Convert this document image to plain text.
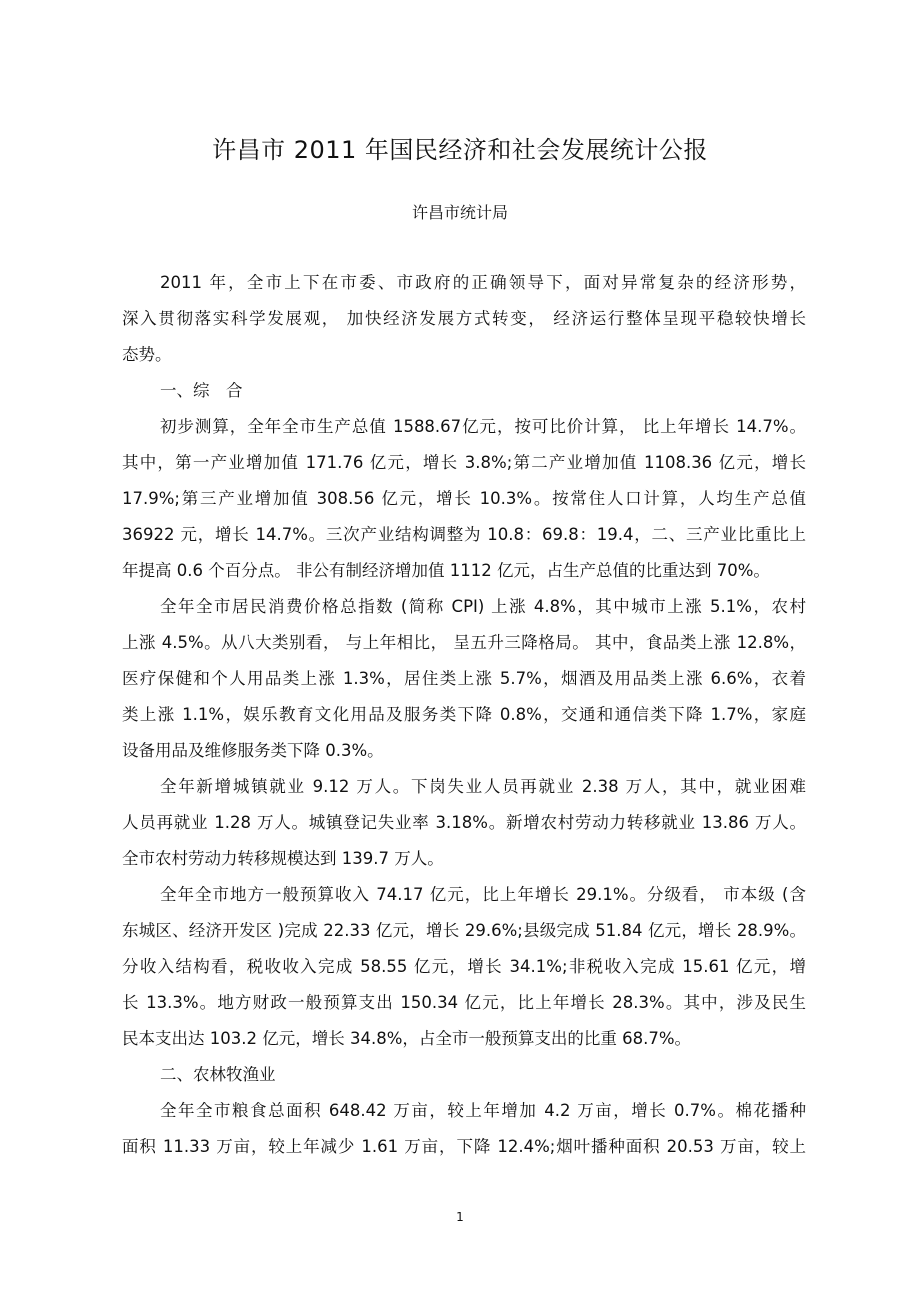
许昌市 2011 年国民经济和社会发展统计公报
许昌市统计局
2011 年，全市上下在市委、市政府的正确领导下，面对异常复杂的经济形势，
深入贯彻落实科学发展观， 加快经济发展方式转变， 经济运行整体呈现平稳较快增长
态势。
一、综　合
初步测算，全年全市生产总值 1588.67亿元，按可比价计算， 比上年增长 14.7%。
其中，第一产业增加值 171.76 亿元，增长 3.8%;第二产业增加值 1108.36 亿元，增长
17.9%;第三产业增加值 308.56 亿元，增长 10.3%。按常住人口计算，人均生产总值
36922 元，增长 14.7%。三次产业结构调整为 10.8：69.8：19.4，二、三产业比重比上
年提高 0.6 个百分点。 非公有制经济增加值 1112 亿元，占生产总值的比重达到 70%。
全年全市居民消费价格总指数 (简称 CPI) 上涨 4.8%，其中城市上涨 5.1%，农村
上涨 4.5%。从八大类别看， 与上年相比， 呈五升三降格局。 其中，食品类上涨 12.8%，
医疗保健和个人用品类上涨 1.3%，居住类上涨 5.7%，烟酒及用品类上涨 6.6%，衣着
类上涨 1.1%，娱乐教育文化用品及服务类下降 0.8%，交通和通信类下降 1.7%，家庭
设备用品及维修服务类下降 0.3%。
全年新增城镇就业 9.12 万人。下岗失业人员再就业 2.38 万人，其中，就业困难
人员再就业 1.28 万人。城镇登记失业率 3.18%。新增农村劳动力转移就业 13.86 万人。
全市农村劳动力转移规模达到 139.7 万人。
全年全市地方一般预算收入 74.17 亿元，比上年增长 29.1%。分级看， 市本级 (含
东城区、经济开发区 )完成 22.33 亿元，增长 29.6%;县级完成 51.84 亿元，增长 28.9%。
分收入结构看，税收收入完成 58.55 亿元，增长 34.1%;非税收入完成 15.61 亿元，增
长 13.3%。地方财政一般预算支出 150.34 亿元，比上年增长 28.3%。其中，涉及民生
民本支出达 103.2 亿元，增长 34.8%，占全市一般预算支出的比重 68.7%。
二、农林牧渔业
全年全市粮食总面积 648.42 万亩，较上年增加 4.2 万亩，增长 0.7%。棉花播种
面积 11.33 万亩，较上年减少 1.61 万亩，下降 12.4%;烟叶播种面积 20.53 万亩，较上
1
